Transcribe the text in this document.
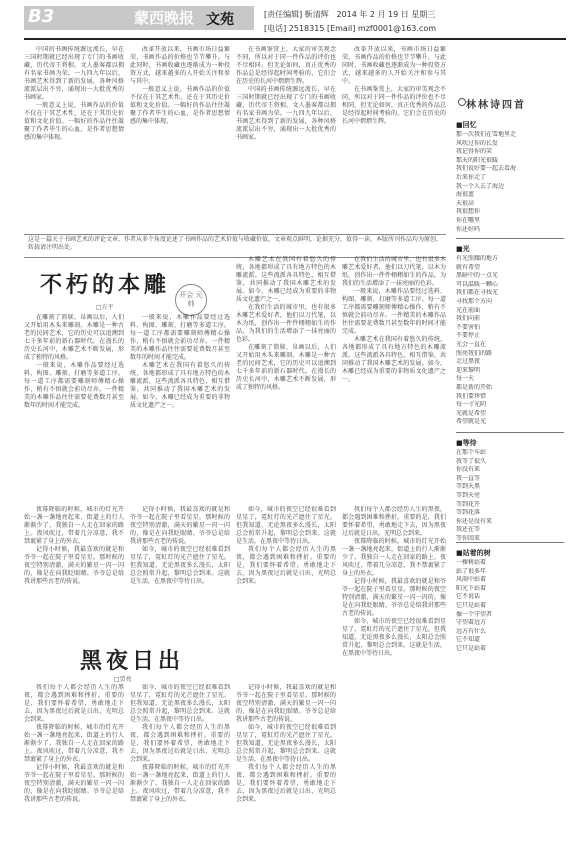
B3	蒙西晚报 文苑	[责任编辑] 靳清辉 2014 年 2 月 19 日 星期三
[电话] 2518315 [Email] mzf0001@163.com

中国的书画传统源远流长，早在三国时期就已经出现了专门的书画收藏，历代帝王将相、文人墨客都以拥有名家书画为荣。一九四九年以后，书画艺术得到了新的发展，各种风格流派层出不穷，涌现出一大批优秀的书画家。

一般意义上说，书画作品的价值不仅在于其艺术性，还在于其历史价值和文化价值。一幅好的作品往往凝聚了作者毕生的心血，是作者思想情感的集中体现。

改革开放以来，书画市场日益繁荣，书画作品的价格也节节攀升。与此同时，书画收藏也逐渐成为一种投资方式，越来越多的人开始关注和参与其中。

一般意义上说，书画作品的价值不仅在于其艺术性，还在于其历史价值和文化价值。一幅好的作品往往凝聚了作者毕生的心血，是作者思想情感的集中体现。

在书画鉴赏上，大家的审美观念不同，所以对于同一件作品的评价也不尽相同。但无论如何，真正优秀的作品总是经得起时间考验的，它们会在历史的长河中熠熠生辉。

中国的书画传统源远流长，早在三国时期就已经出现了专门的书画收藏，历代帝王将相、文人墨客都以拥有名家书画为荣。一九四九年以后，书画艺术得到了新的发展，各种风格流派层出不穷，涌现出一大批优秀的书画家。

改革开放以来，书画市场日益繁荣，书画作品的价格也节节攀升。与此同时，书画收藏也逐渐成为一种投资方式，越来越多的人开始关注和参与其中。

在书画鉴赏上，大家的审美观念不同，所以对于同一件作品的评价也不尽相同。但无论如何，真正优秀的作品总是经得起时间考验的，它们会在历史的长河中熠熠生辉。

这是一篇关于书画艺术的评论文章，作者从多个角度论述了书画作品的艺术价值与收藏价值，文章观点鲜明，论据充分，值得一读。本版所刊作品均为原创，转载请注明出处。
不朽的本雕
□方平
开会 元帅

在雕刻了简牍、帛画以后，人们又开始用木头来雕刻。木雕是一种古老的民间艺术，它的历史可以追溯到七千多年前的新石器时代。在漫长的历史长河中，木雕艺术不断发展，形成了独特的风格。

一般来说，木雕作品要经过选料、构图、雕刻、打磨等多道工序。每一道工序都需要雕刻师傅精心操作，稍有不慎就会前功尽弃。一件精美的木雕作品往往需要花费数月甚至数年的时间才能完成。

一般来说，木雕作品要经过选料、构图、雕刻、打磨等多道工序。每一道工序都需要雕刻师傅精心操作，稍有不慎就会前功尽弃。一件精美的木雕作品往往需要花费数月甚至数年的时间才能完成。

木雕艺术在我国有着悠久的传统，各地都形成了具有地方特色的木雕流派。这些流派各具特色，相互借鉴，共同推动了我国木雕艺术的发展。如今，木雕已经成为重要的非物质文化遗产之一。

木雕艺术在我国有着悠久的传统，各地都形成了具有地方特色的木雕流派。这些流派各具特色，相互借鉴，共同推动了我国木雕艺术的发展。如今，木雕已经成为重要的非物质文化遗产之一。

在我们生活的城市里，也有很多木雕艺术爱好者，他们以刀代笔，以木为纸，创作出一件件栩栩如生的作品，为我们的生活增添了一抹亮丽的色彩。

在雕刻了简牍、帛画以后，人们又开始用木头来雕刻。木雕是一种古老的民间艺术，它的历史可以追溯到七千多年前的新石器时代。在漫长的历史长河中，木雕艺术不断发展，形成了独特的风格。

在我们生活的城市里，也有很多木雕艺术爱好者，他们以刀代笔，以木为纸，创作出一件件栩栩如生的作品，为我们的生活增添了一抹亮丽的色彩。

一般来说，木雕作品要经过选料、构图、雕刻、打磨等多道工序。每一道工序都需要雕刻师傅精心操作，稍有不慎就会前功尽弃。一件精美的木雕作品往往需要花费数月甚至数年的时间才能完成。

木雕艺术在我国有着悠久的传统，各地都形成了具有地方特色的木雕流派。这些流派各具特色，相互借鉴，共同推动了我国木雕艺术的发展。如今，木雕已经成为重要的非物质文化遗产之一。

夜幕降临的时候，城市的灯光开始一盏一盏地亮起来，街道上的行人渐渐少了，我独自一人走在回家的路上。夜风吹过，带着几分凉意，我不禁裹紧了身上的外衣。

记得小时候，我最喜欢的就是和爷爷一起在院子里看星星。那时候的夜空特别清澈，满天的繁星一闪一闪的，像是在向我眨眼睛。爷爷总是给我讲那些古老的传说。

记得小时候，我最喜欢的就是和爷爷一起在院子里看星星。那时候的夜空特别清澈，满天的繁星一闪一闪的，像是在向我眨眼睛。爷爷总是给我讲那些古老的传说。

如今，城市的夜空已经很难看到星星了，霓虹灯的光芒遮住了星光。但我知道，无论黑夜多么漫长，太阳总会照常升起，黎明总会到来。这就是生活，在黑夜中等待日出。

如今，城市的夜空已经很难看到星星了，霓虹灯的光芒遮住了星光。但我知道，无论黑夜多么漫长，太阳总会照常升起，黎明总会到来。这就是生活，在黑夜中等待日出。

我们每个人都会经历人生的黑夜，都会遇到困难和挫折。重要的是，我们要怀着希望，勇敢地走下去，因为黑夜过后就是日出，光明总会到来。

我们每个人都会经历人生的黑夜，都会遇到困难和挫折。重要的是，我们要怀着希望，勇敢地走下去，因为黑夜过后就是日出，光明总会到来。

夜幕降临的时候，城市的灯光开始一盏一盏地亮起来，街道上的行人渐渐少了，我独自一人走在回家的路上。夜风吹过，带着几分凉意，我不禁裹紧了身上的外衣。

记得小时候，我最喜欢的就是和爷爷一起在院子里看星星。那时候的夜空特别清澈，满天的繁星一闪一闪的，像是在向我眨眼睛。爷爷总是给我讲那些古老的传说。

如今，城市的夜空已经很难看到星星了，霓虹灯的光芒遮住了星光。但我知道，无论黑夜多么漫长，太阳总会照常升起，黎明总会到来。这就是生活，在黑夜中等待日出。

黑夜日出
□贾亮

我们每个人都会经历人生的黑夜，都会遇到困难和挫折。重要的是，我们要怀着希望，勇敢地走下去，因为黑夜过后就是日出，光明总会到来。

夜幕降临的时候，城市的灯光开始一盏一盏地亮起来，街道上的行人渐渐少了，我独自一人走在回家的路上。夜风吹过，带着几分凉意，我不禁裹紧了身上的外衣。

记得小时候，我最喜欢的就是和爷爷一起在院子里看星星。那时候的夜空特别清澈，满天的繁星一闪一闪的，像是在向我眨眼睛。爷爷总是给我讲那些古老的传说。

如今，城市的夜空已经很难看到星星了，霓虹灯的光芒遮住了星光。但我知道，无论黑夜多么漫长，太阳总会照常升起，黎明总会到来。这就是生活，在黑夜中等待日出。

我们每个人都会经历人生的黑夜，都会遇到困难和挫折。重要的是，我们要怀着希望，勇敢地走下去，因为黑夜过后就是日出，光明总会到来。

夜幕降临的时候，城市的灯光开始一盏一盏地亮起来，街道上的行人渐渐少了，我独自一人走在回家的路上。夜风吹过，带着几分凉意，我不禁裹紧了身上的外衣。

记得小时候，我最喜欢的就是和爷爷一起在院子里看星星。那时候的夜空特别清澈，满天的繁星一闪一闪的，像是在向我眨眼睛。爷爷总是给我讲那些古老的传说。

如今，城市的夜空已经很难看到星星了，霓虹灯的光芒遮住了星光。但我知道，无论黑夜多么漫长，太阳总会照常升起，黎明总会到来。这就是生活，在黑夜中等待日出。

我们每个人都会经历人生的黑夜，都会遇到困难和挫折。重要的是，我们要怀着希望，勇敢地走下去，因为黑夜过后就是日出，光明总会到来。

林林诗四首
■回忆
那一次我们在雪地里走
风吹过你的长发
我记得你的笑
那天的阳光很暖
我们说好要一起去看海
后来你走了
我一个人去了海边
海很蓝
天很高
我很想你
你在哪里
你还好吗
■光
有光照耀的地方
就有希望
黑暗中的一点光
可以温暖一颗心
我们都在寻找光
寻找那个方向
光在前面
我们向前
不要害怕
不要停止
光会一直在
照亮我们的路
走过黑夜
迎来黎明
每一天
都是新的开始
我们要珍惜
每一寸光阴
光就是希望
希望就是光
■等待
在那个车站
我等了很久
你没有来
我一直等
等到天黑
等到天亮
等到花开
等到花落
你还是没有来
我还在等
等你回来
■站着的树
一棵树站着
站了很多年
风雨中站着
阳光下站着
它不说话
它只是站着
像一个守望者
守望着远方
远方有什么
它不知道
它只是站着
